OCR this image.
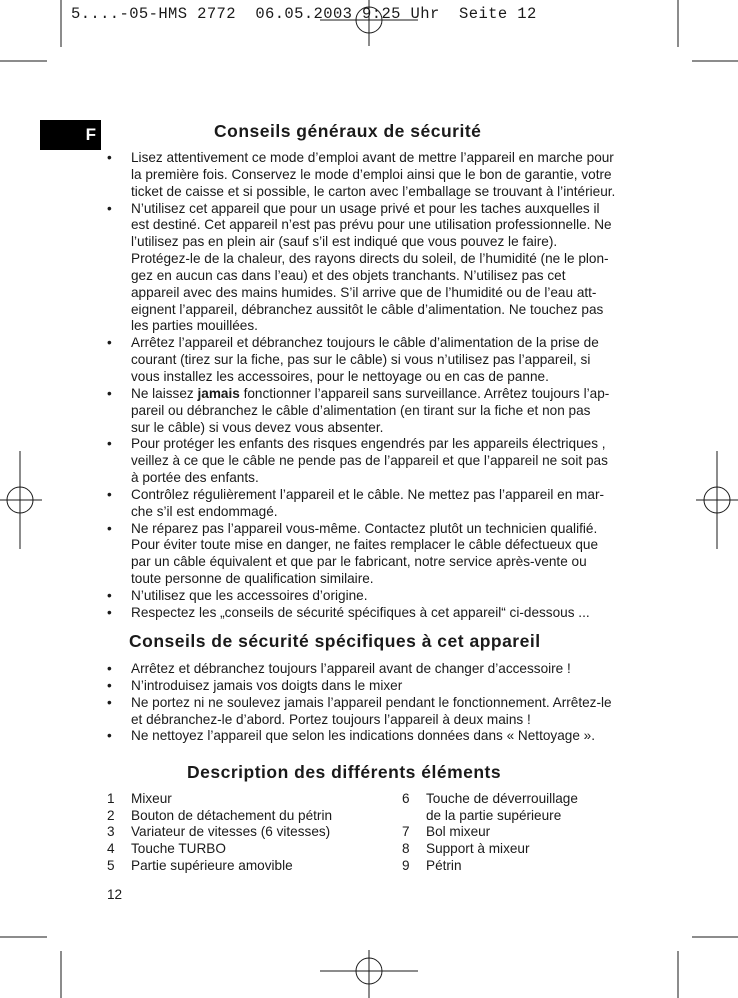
5....-05-HMS 2772  06.05.2003 9:25 Uhr  Seite 12
F	Conseils généraux de sécurité
• Lisez attentivement ce mode d’emploi avant de mettre l’appareil en marche pour
la première fois. Conservez le mode d’emploi ainsi que le bon de garantie, votre
ticket de caisse et si possible, le carton avec l’emballage se trouvant à l’intérieur.
• N’utilisez cet appareil que pour un usage privé et pour les taches auxquelles il
est destiné. Cet appareil n’est pas prévu pour une utilisation professionnelle. Ne
l’utilisez pas en plein air (sauf s’il est indiqué que vous pouvez le faire).
Protégez-le de la chaleur, des rayons directs du soleil, de l’humidité (ne le plon-
gez en aucun cas dans l’eau) et des objets tranchants. N’utilisez pas cet
appareil avec des mains humides. S’il arrive que de l’humidité ou de l’eau att-
eignent l’appareil, débranchez aussitôt le câble d’alimentation. Ne touchez pas
les parties mouillées.
• Arrêtez l’appareil et débranchez toujours le câble d’alimentation de la prise de
courant (tirez sur la fiche, pas sur le câble) si vous n’utilisez pas l’appareil, si
vous installez les accessoires, pour le nettoyage ou en cas de panne.
• Ne laissez jamais fonctionner l’appareil sans surveillance. Arrêtez toujours l’ap-
pareil ou débranchez le câble d’alimentation (en tirant sur la fiche et non pas
sur le câble) si vous devez vous absenter.
• Pour protéger les enfants des risques engendrés par les appareils électriques ,
veillez à ce que le câble ne pende pas de l’appareil et que l’appareil ne soit pas
à portée des enfants.
• Contrôlez régulièrement l’appareil et le câble. Ne mettez pas l’appareil en mar-
che s’il est endommagé.
• Ne réparez pas l’appareil vous-même. Contactez plutôt un technicien qualifié.
Pour éviter toute mise en danger, ne faites remplacer le câble défectueux que
par un câble équivalent et que par le fabricant, notre service après-vente ou
toute personne de qualification similaire.
• N’utilisez que les accessoires d’origine.
• Respectez les „conseils de sécurité spécifiques à cet appareil“ ci-dessous ...
Conseils de sécurité spécifiques à cet appareil
• Arrêtez et débranchez toujours l’appareil avant de changer d’accessoire !
• N’introduisez jamais vos doigts dans le mixer
• Ne portez ni ne soulevez jamais l’appareil pendant le fonctionnement. Arrêtez-le
et débranchez-le d’abord. Portez toujours l’appareil à deux mains !
• Ne nettoyez l’appareil que selon les indications données dans « Nettoyage ».
Description des différents éléments
1	Mixeur
2	Bouton de détachement du pétrin
3	Variateur de vitesses (6 vitesses)
4	Touche TURBO
5	Partie supérieure amovible
6	Touche de déverrouillage
de la partie supérieure
7	Bol mixeur
8	Support à mixeur
9	Pétrin
12
